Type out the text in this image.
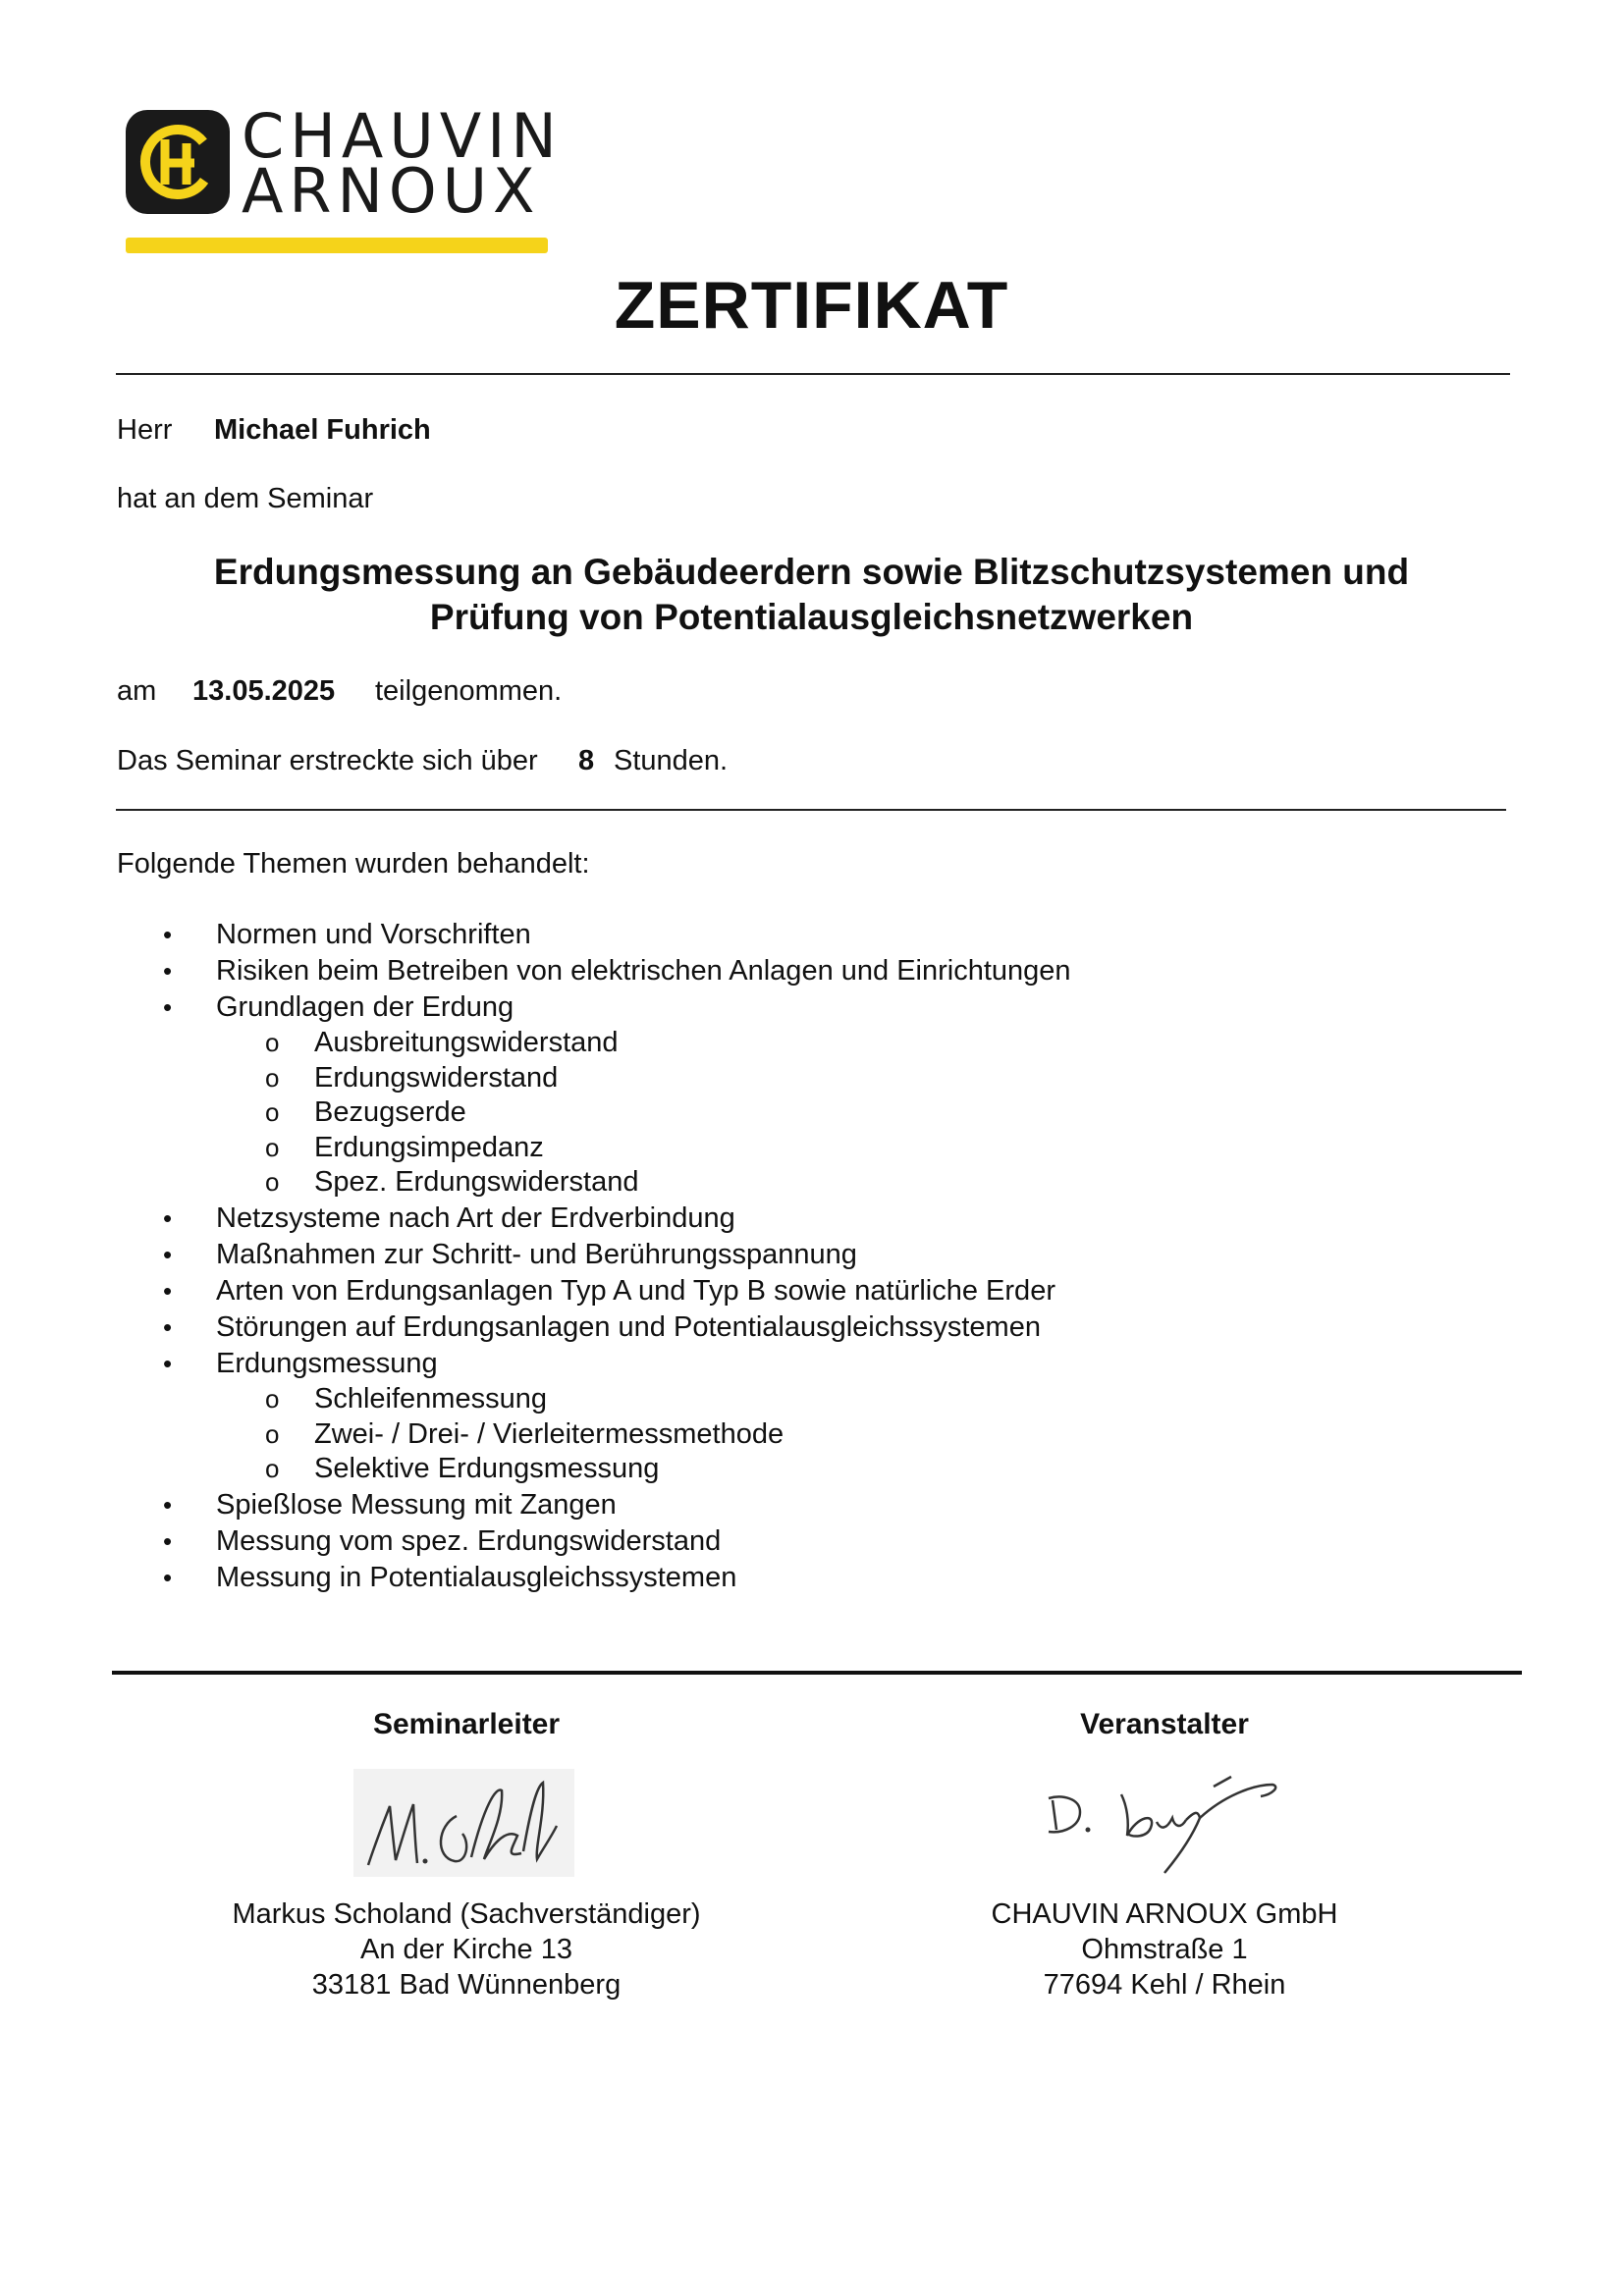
CHAUVIN
ARNOUX
ZERTIFIKAT
Herr Michael Fuhrich
hat an dem Seminar
Erdungsmessung an Gebäudeerdern sowie Blitzschutzsystemen und
Prüfung von Potentialausgleichsnetzwerken
am 13.05.2025 teilgenommen.
Das Seminar erstreckte sich über 8 Stunden.
Folgende Themen wurden behandelt:
• Normen und Vorschriften
• Risiken beim Betreiben von elektrischen Anlagen und Einrichtungen
• Grundlagen der Erdung
o Ausbreitungswiderstand
o Erdungswiderstand
o Bezugserde
o Erdungsimpedanz
o Spez. Erdungswiderstand
• Netzsysteme nach Art der Erdverbindung
• Maßnahmen zur Schritt- und Berührungsspannung
• Arten von Erdungsanlagen Typ A und Typ B sowie natürliche Erder
• Störungen auf Erdungsanlagen und Potentialausgleichssystemen
• Erdungsmessung
o Schleifenmessung
o Zwei- / Drei- / Vierleitermessmethode
o Selektive Erdungsmessung
• Spießlose Messung mit Zangen
• Messung vom spez. Erdungswiderstand
• Messung in Potentialausgleichssystemen
Seminarleiter
Markus Scholand (Sachverständiger)
An der Kirche 13
33181 Bad Wünnenberg
Veranstalter
CHAUVIN ARNOUX GmbH
Ohmstraße 1
77694 Kehl / Rhein
